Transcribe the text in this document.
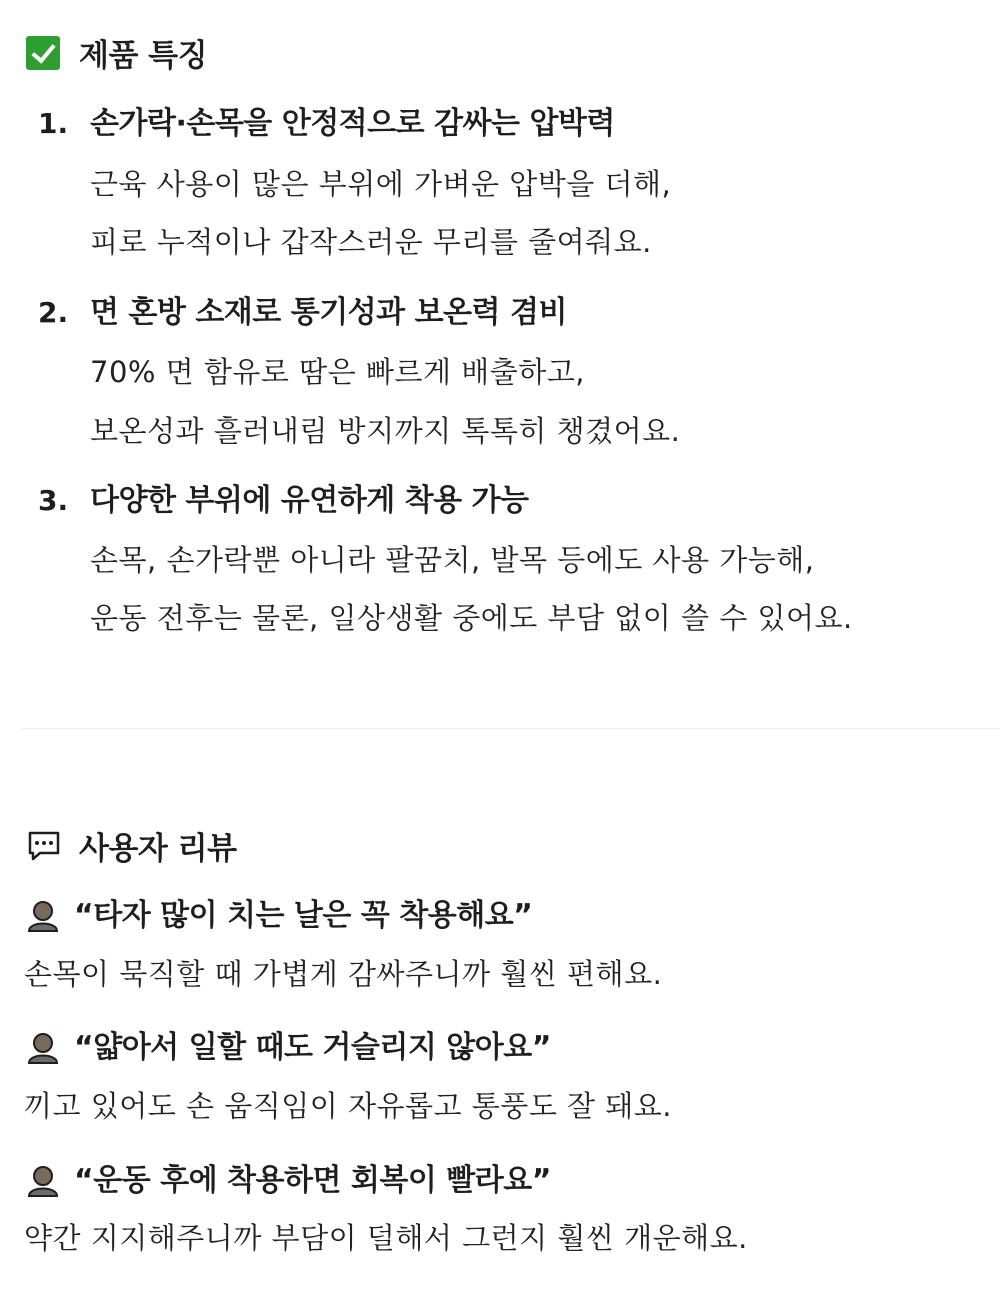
제품 특징
1. 손가락·손목을 안정적으로 감싸는 압박력
근육 사용이 많은 부위에 가벼운 압박을 더해,
피로 누적이나 갑작스러운 무리를 줄여줘요.
2. 면 혼방 소재로 통기성과 보온력 겸비
70% 면 함유로 땀은 빠르게 배출하고,
보온성과 흘러내림 방지까지 톡톡히 챙겼어요.
3. 다양한 부위에 유연하게 착용 가능
손목, 손가락뿐 아니라 팔꿈치, 발목 등에도 사용 가능해,
운동 전후는 물론, 일상생활 중에도 부담 없이 쓸 수 있어요.
사용자 리뷰
“타자 많이 치는 날은 꼭 착용해요”
손목이 묵직할 때 가볍게 감싸주니까 훨씬 편해요.
“얇아서 일할 때도 거슬리지 않아요”
끼고 있어도 손 움직임이 자유롭고 통풍도 잘 돼요.
“운동 후에 착용하면 회복이 빨라요”
약간 지지해주니까 부담이 덜해서 그런지 훨씬 개운해요.
